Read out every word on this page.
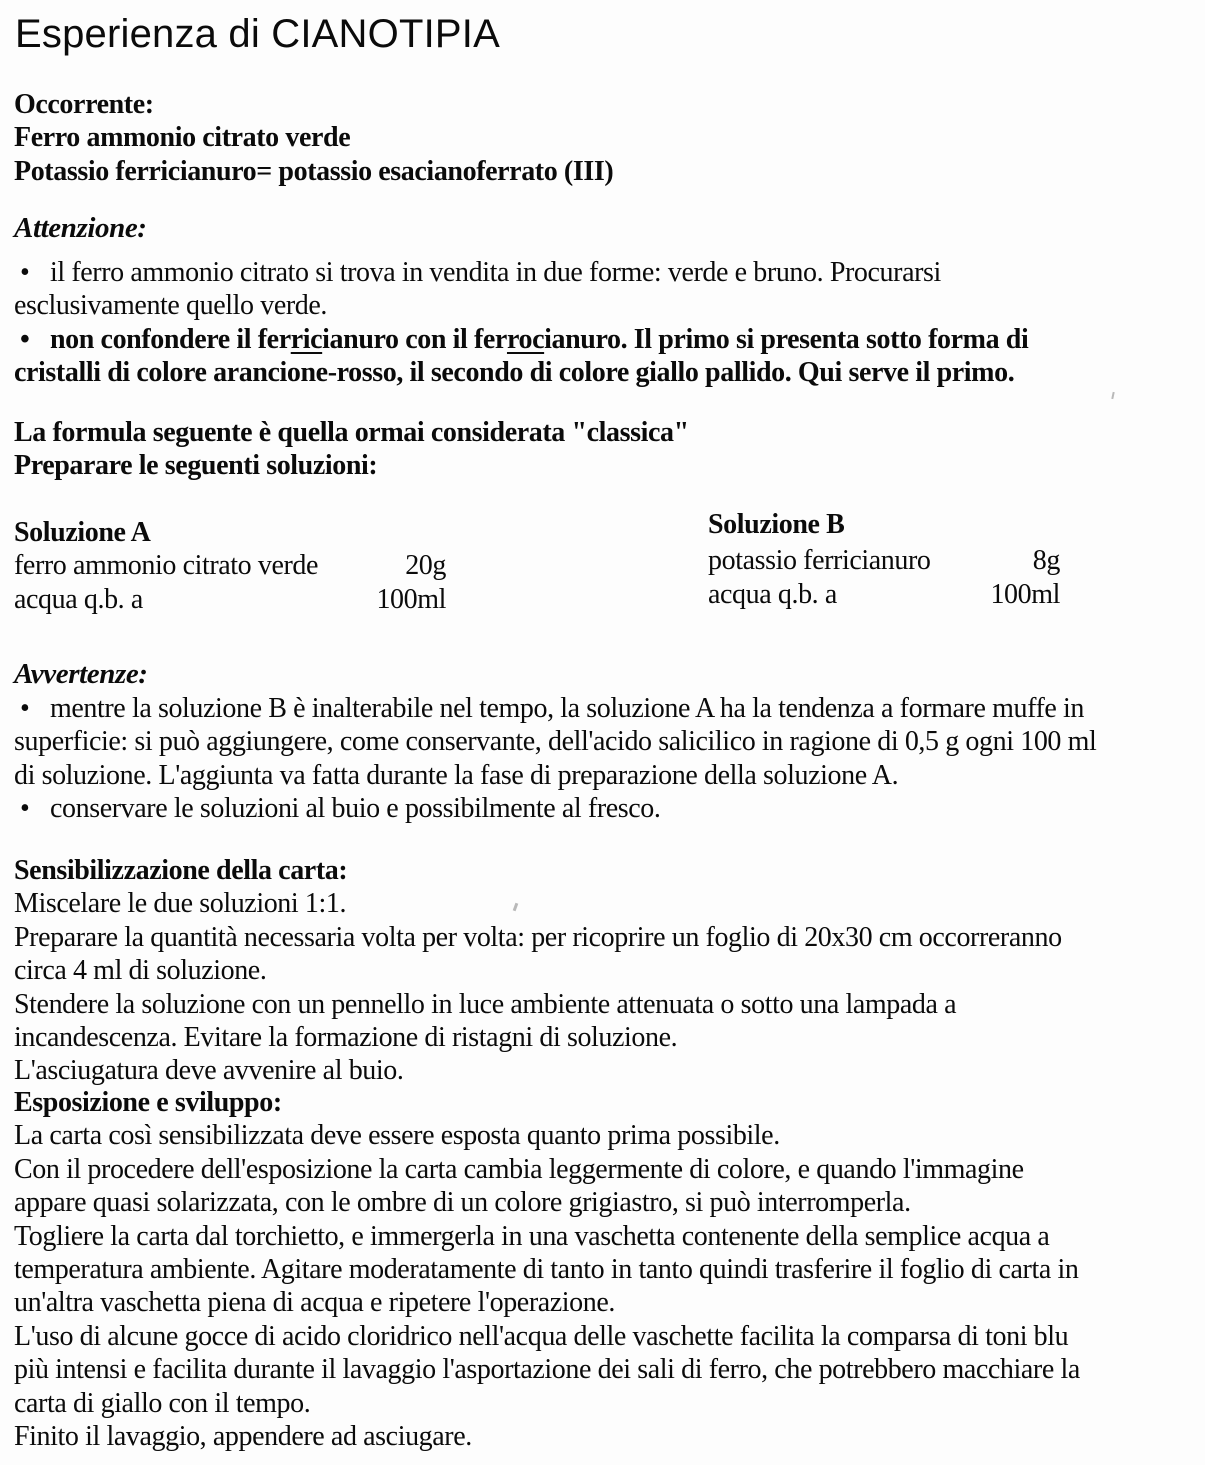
Esperienza di CIANOTIPIA
Occorrente:
Ferro ammonio citrato verde
Potassio ferricianuro= potassio esacianoferrato (III)
Attenzione:
• il ferro ammonio citrato si trova in vendita in due forme: verde e bruno. Procurarsi
esclusivamente quello verde.
• non confondere il ferricianuro con il ferrocianuro. Il primo si presenta sotto forma di
cristalli di colore arancione-rosso, il secondo di colore giallo pallido. Qui serve il primo.
La formula seguente è quella ormai considerata "classica"
Preparare le seguenti soluzioni:
Soluzione A
ferro ammonio citrato verde	20g
acqua q.b. a	100ml
Soluzione B
potassio ferricianuro	8g
acqua q.b. a	100ml
Avvertenze:
• mentre la soluzione B è inalterabile nel tempo, la soluzione A ha la tendenza a formare muffe in
superficie: si può aggiungere, come conservante, dell'acido salicilico in ragione di 0,5 g ogni 100 ml
di soluzione. L'aggiunta va fatta durante la fase di preparazione della soluzione A.
• conservare le soluzioni al buio e possibilmente al fresco.
Sensibilizzazione della carta:
Miscelare le due soluzioni 1:1.
Preparare la quantità necessaria volta per volta: per ricoprire un foglio di 20x30 cm occorreranno
circa 4 ml di soluzione.
Stendere la soluzione con un pennello in luce ambiente attenuata o sotto una lampada a
incandescenza. Evitare la formazione di ristagni di soluzione.
L'asciugatura deve avvenire al buio.
Esposizione e sviluppo:
La carta così sensibilizzata deve essere esposta quanto prima possibile.
Con il procedere dell'esposizione la carta cambia leggermente di colore, e quando l'immagine
appare quasi solarizzata, con le ombre di un colore grigiastro, si può interromperla.
Togliere la carta dal torchietto, e immergerla in una vaschetta contenente della semplice acqua a
temperatura ambiente. Agitare moderatamente di tanto in tanto quindi trasferire il foglio di carta in
un'altra vaschetta piena di acqua e ripetere l'operazione.
L'uso di alcune gocce di acido cloridrico nell'acqua delle vaschette facilita la comparsa di toni blu
più intensi e facilita durante il lavaggio l'asportazione dei sali di ferro, che potrebbero macchiare la
carta di giallo con il tempo.
Finito il lavaggio, appendere ad asciugare.
